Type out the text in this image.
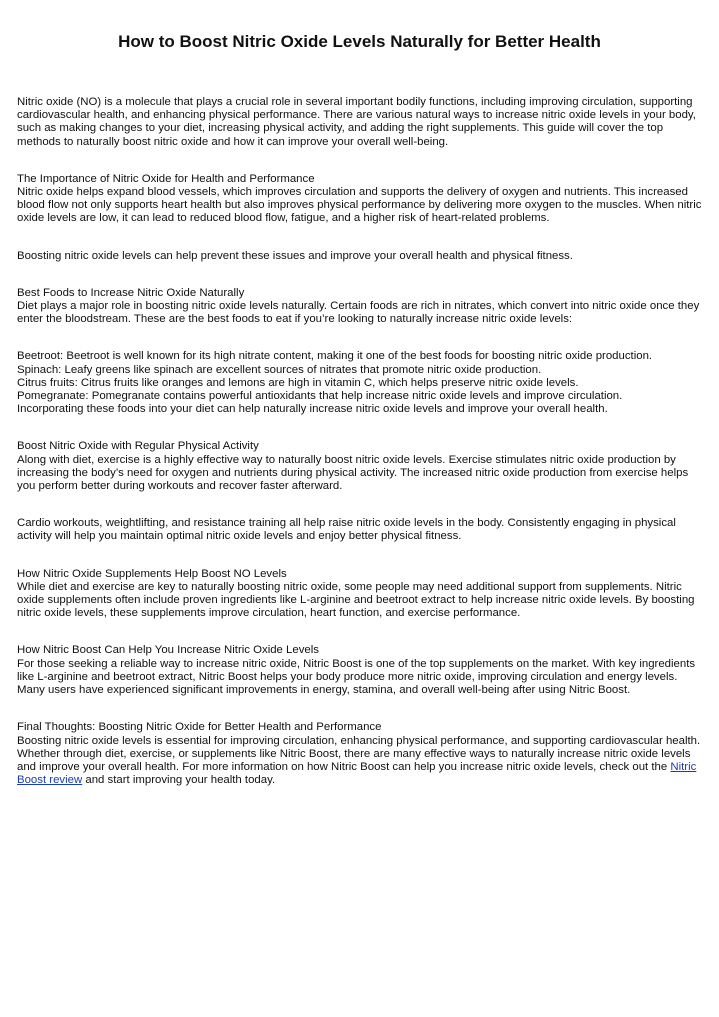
How to Boost Nitric Oxide Levels Naturally for Better Health

Nitric oxide (NO) is a molecule that plays a crucial role in several important bodily functions, including improving circulation, supporting cardiovascular health, and enhancing physical performance. There are various natural ways to increase nitric oxide levels in your body, such as making changes to your diet, increasing physical activity, and adding the right supplements. This guide will cover the top methods to naturally boost nitric oxide and how it can improve your overall well-being.

The Importance of Nitric Oxide for Health and Performance
Nitric oxide helps expand blood vessels, which improves circulation and supports the delivery of oxygen and nutrients. This increased blood flow not only supports heart health but also improves physical performance by delivering more oxygen to the muscles. When nitric oxide levels are low, it can lead to reduced blood flow, fatigue, and a higher risk of heart-related problems.

Boosting nitric oxide levels can help prevent these issues and improve your overall health and physical fitness.

Best Foods to Increase Nitric Oxide Naturally
Diet plays a major role in boosting nitric oxide levels naturally. Certain foods are rich in nitrates, which convert into nitric oxide once they enter the bloodstream. These are the best foods to eat if you’re looking to naturally increase nitric oxide levels:
Beetroot: Beetroot is well known for its high nitrate content, making it one of the best foods for boosting nitric oxide production.
Spinach: Leafy greens like spinach are excellent sources of nitrates that promote nitric oxide production.
Citrus fruits: Citrus fruits like oranges and lemons are high in vitamin C, which helps preserve nitric oxide levels.
Pomegranate: Pomegranate contains powerful antioxidants that help increase nitric oxide levels and improve circulation.
Incorporating these foods into your diet can help naturally increase nitric oxide levels and improve your overall health.
Boost Nitric Oxide with Regular Physical Activity
Along with diet, exercise is a highly effective way to naturally boost nitric oxide levels. Exercise stimulates nitric oxide production by increasing the body’s need for oxygen and nutrients during physical activity. The increased nitric oxide production from exercise helps you perform better during workouts and recover faster afterward.

Cardio workouts, weightlifting, and resistance training all help raise nitric oxide levels in the body. Consistently engaging in physical activity will help you maintain optimal nitric oxide levels and enjoy better physical fitness.

How Nitric Oxide Supplements Help Boost NO Levels
While diet and exercise are key to naturally boosting nitric oxide, some people may need additional support from supplements. Nitric oxide supplements often include proven ingredients like L-arginine and beetroot extract to help increase nitric oxide levels. By boosting nitric oxide levels, these supplements improve circulation, heart function, and exercise performance.
How Nitric Boost Can Help You Increase Nitric Oxide Levels
For those seeking a reliable way to increase nitric oxide, Nitric Boost is one of the top supplements on the market. With key ingredients like L-arginine and beetroot extract, Nitric Boost helps your body produce more nitric oxide, improving circulation and energy levels. Many users have experienced significant improvements in energy, stamina, and overall well-being after using Nitric Boost.
Final Thoughts: Boosting Nitric Oxide for Better Health and Performance
Boosting nitric oxide levels is essential for improving circulation, enhancing physical performance, and supporting cardiovascular health. Whether through diet, exercise, or supplements like Nitric Boost, there are many effective ways to naturally increase nitric oxide levels and improve your overall health. For more information on how Nitric Boost can help you increase nitric oxide levels, check out the Nitric Boost review and start improving your health today.
